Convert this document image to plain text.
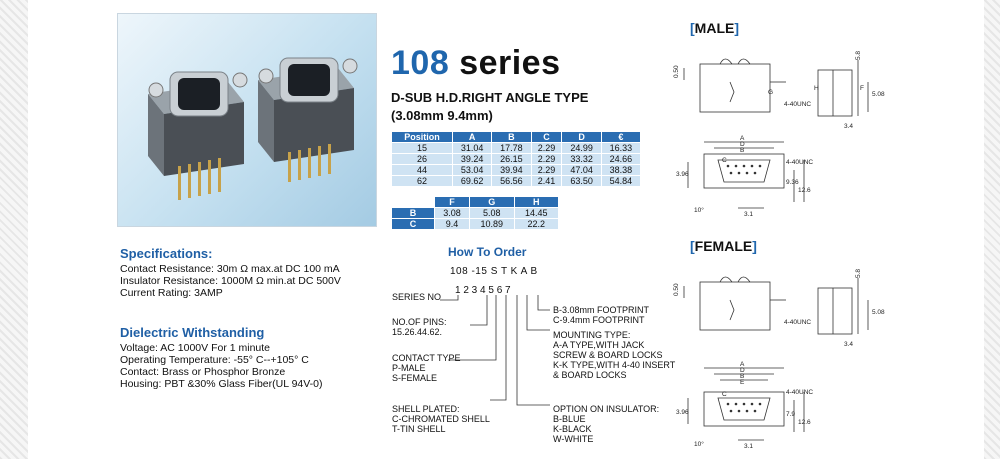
108 series
D-SUB H.D.RIGHT ANGLE TYPE
(3.08mm 9.4mm)
Position	A	B	C	D	€
15	31.04	17.78	2.29	24.99	16.33
26	39.24	26.15	2.29	33.32	24.66
44	53.04	39.94	2.29	47.04	38.38
62	69.62	56.56	2.41	63.50	54.84
	F	G	H
B	3.08	5.08	14.45
C	9.4	10.89	22.2
Specifications:
Contact Resistance: 30m Ω max.at DC 100 mA
Insulator Resistance: 1000M Ω min.at DC 500V
Current Rating: 3AMP
Dielectric Withstanding
Voltage: AC 1000V For 1 minute
Operating Temperature: -55° C--+105° C
Contact: Brass or Phosphor Bronze
Housing: PBT &30% Glass Fiber(UL 94V-0)
How To Order
108 -15 S T K A B
1 2 3 4 5 6 7
SERIES NO
NO.OF PINS:
15.26.44.62.
CONTACT TYPE
P-MALE
S-FEMALE
SHELL PLATED:
C-CHROMATED SHELL
T-TIN SHELL
B-3.08mm FOOTPRINT
C-9.4mm FOOTPRINT
MOUNTING TYPE:
A-A TYPE,WITH JACK
SCREW & BOARD LOCKS
K-K TYPE,WITH 4-40 INSERT
& BOARD LOCKS
OPTION ON INSULATOR:
B-BLUE
K-BLACK
W-WHITE
[MALE]
[FEMALE]
0.50
5.8
G
H	F
5.08
4-40UNC
3.4
A
D
B
C
3.96
4-40UNC
9.36
12.6
10°
3.1
0.50
5.8
5.08
4-40UNC
3.4
A
D
B
E
C	4-40UNC
3.96	7.9
12.6
10°	3.1
